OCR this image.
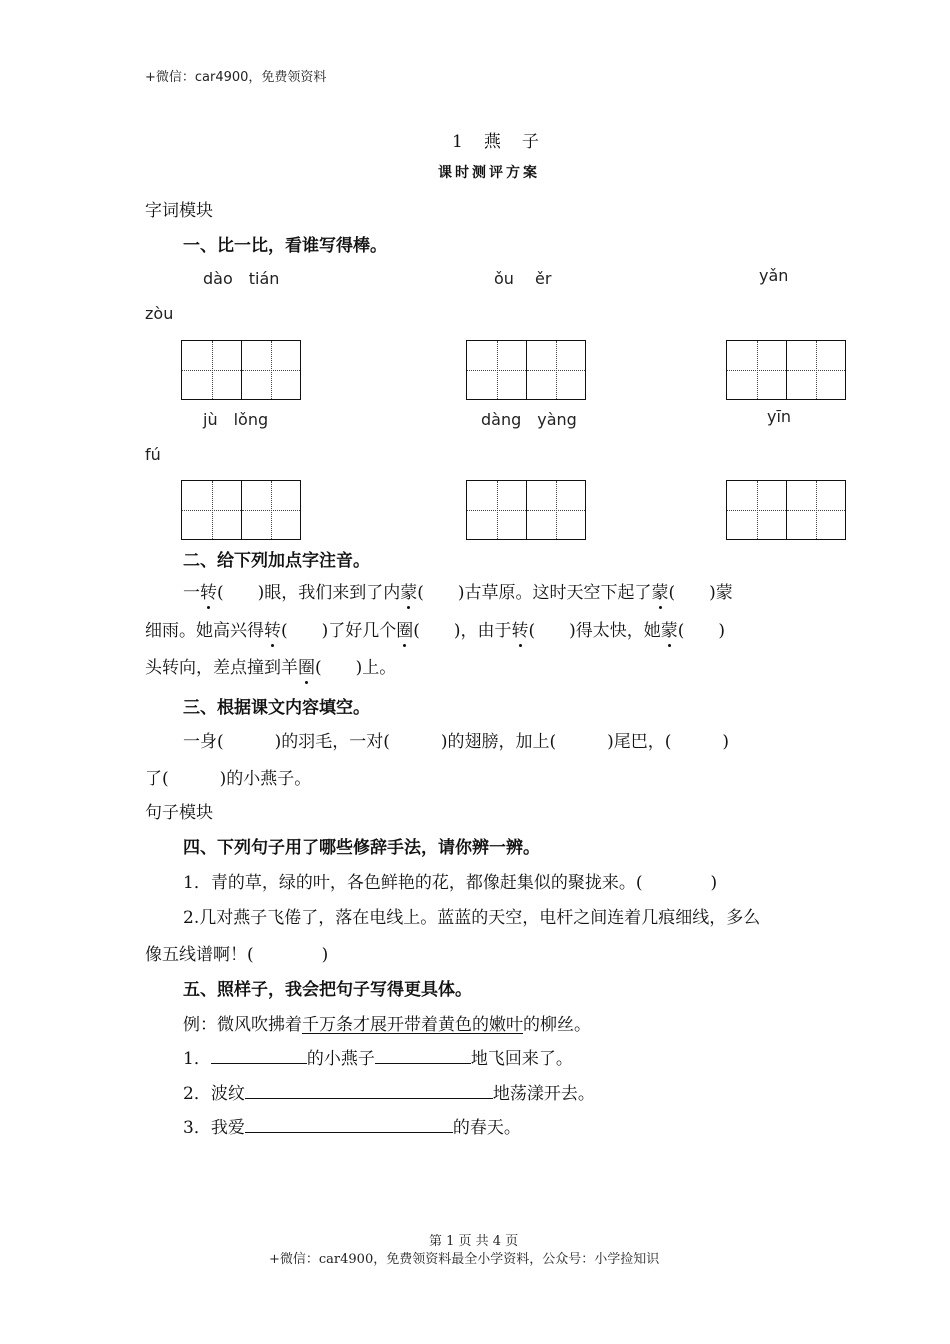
+微信：car4900，免费领资料
1　燕　子
课时测评方案
字词模块
一、比一比，看谁写得棒。
dào　tián	ǒu　 ěr	yǎn
zòu
jù　lǒng	dàng　yàng	yīn
fú
二、给下列加点字注音。
一转(　　)眼，我们来到了内蒙(　　)古草原。这时天空下起了蒙(　　)蒙
细雨。她高兴得转(　　)了好几个圈(　　)，由于转(　　)得太快，她蒙(　　)
头转向，差点撞到羊圈(　　)上。
三、根据课文内容填空。
一身(　　　)的羽毛，一对(　　　)的翅膀，加上(　　　)尾巴，(　　　)
了(　　　)的小燕子。
句子模块
四、下列句子用了哪些修辞手法，请你辨一辨。
1．青的草，绿的叶，各色鲜艳的花，都像赶集似的聚拢来。(　　　　)
2.几对燕子飞倦了，落在电线上。蓝蓝的天空，电杆之间连着几痕细线，多么
像五线谱啊！(　　　　)
五、照样子，我会把句子写得更具体。
例：微风吹拂着千万条才展开带着黄色的嫩叶的柳丝。
1．	的小燕子	地飞回来了。
2．波纹	地荡漾开去。
3．我爱	的春天。
第 1 页 共 4 页
+微信：car4900，免费领资料最全小学资料，公众号：小学捡知识
